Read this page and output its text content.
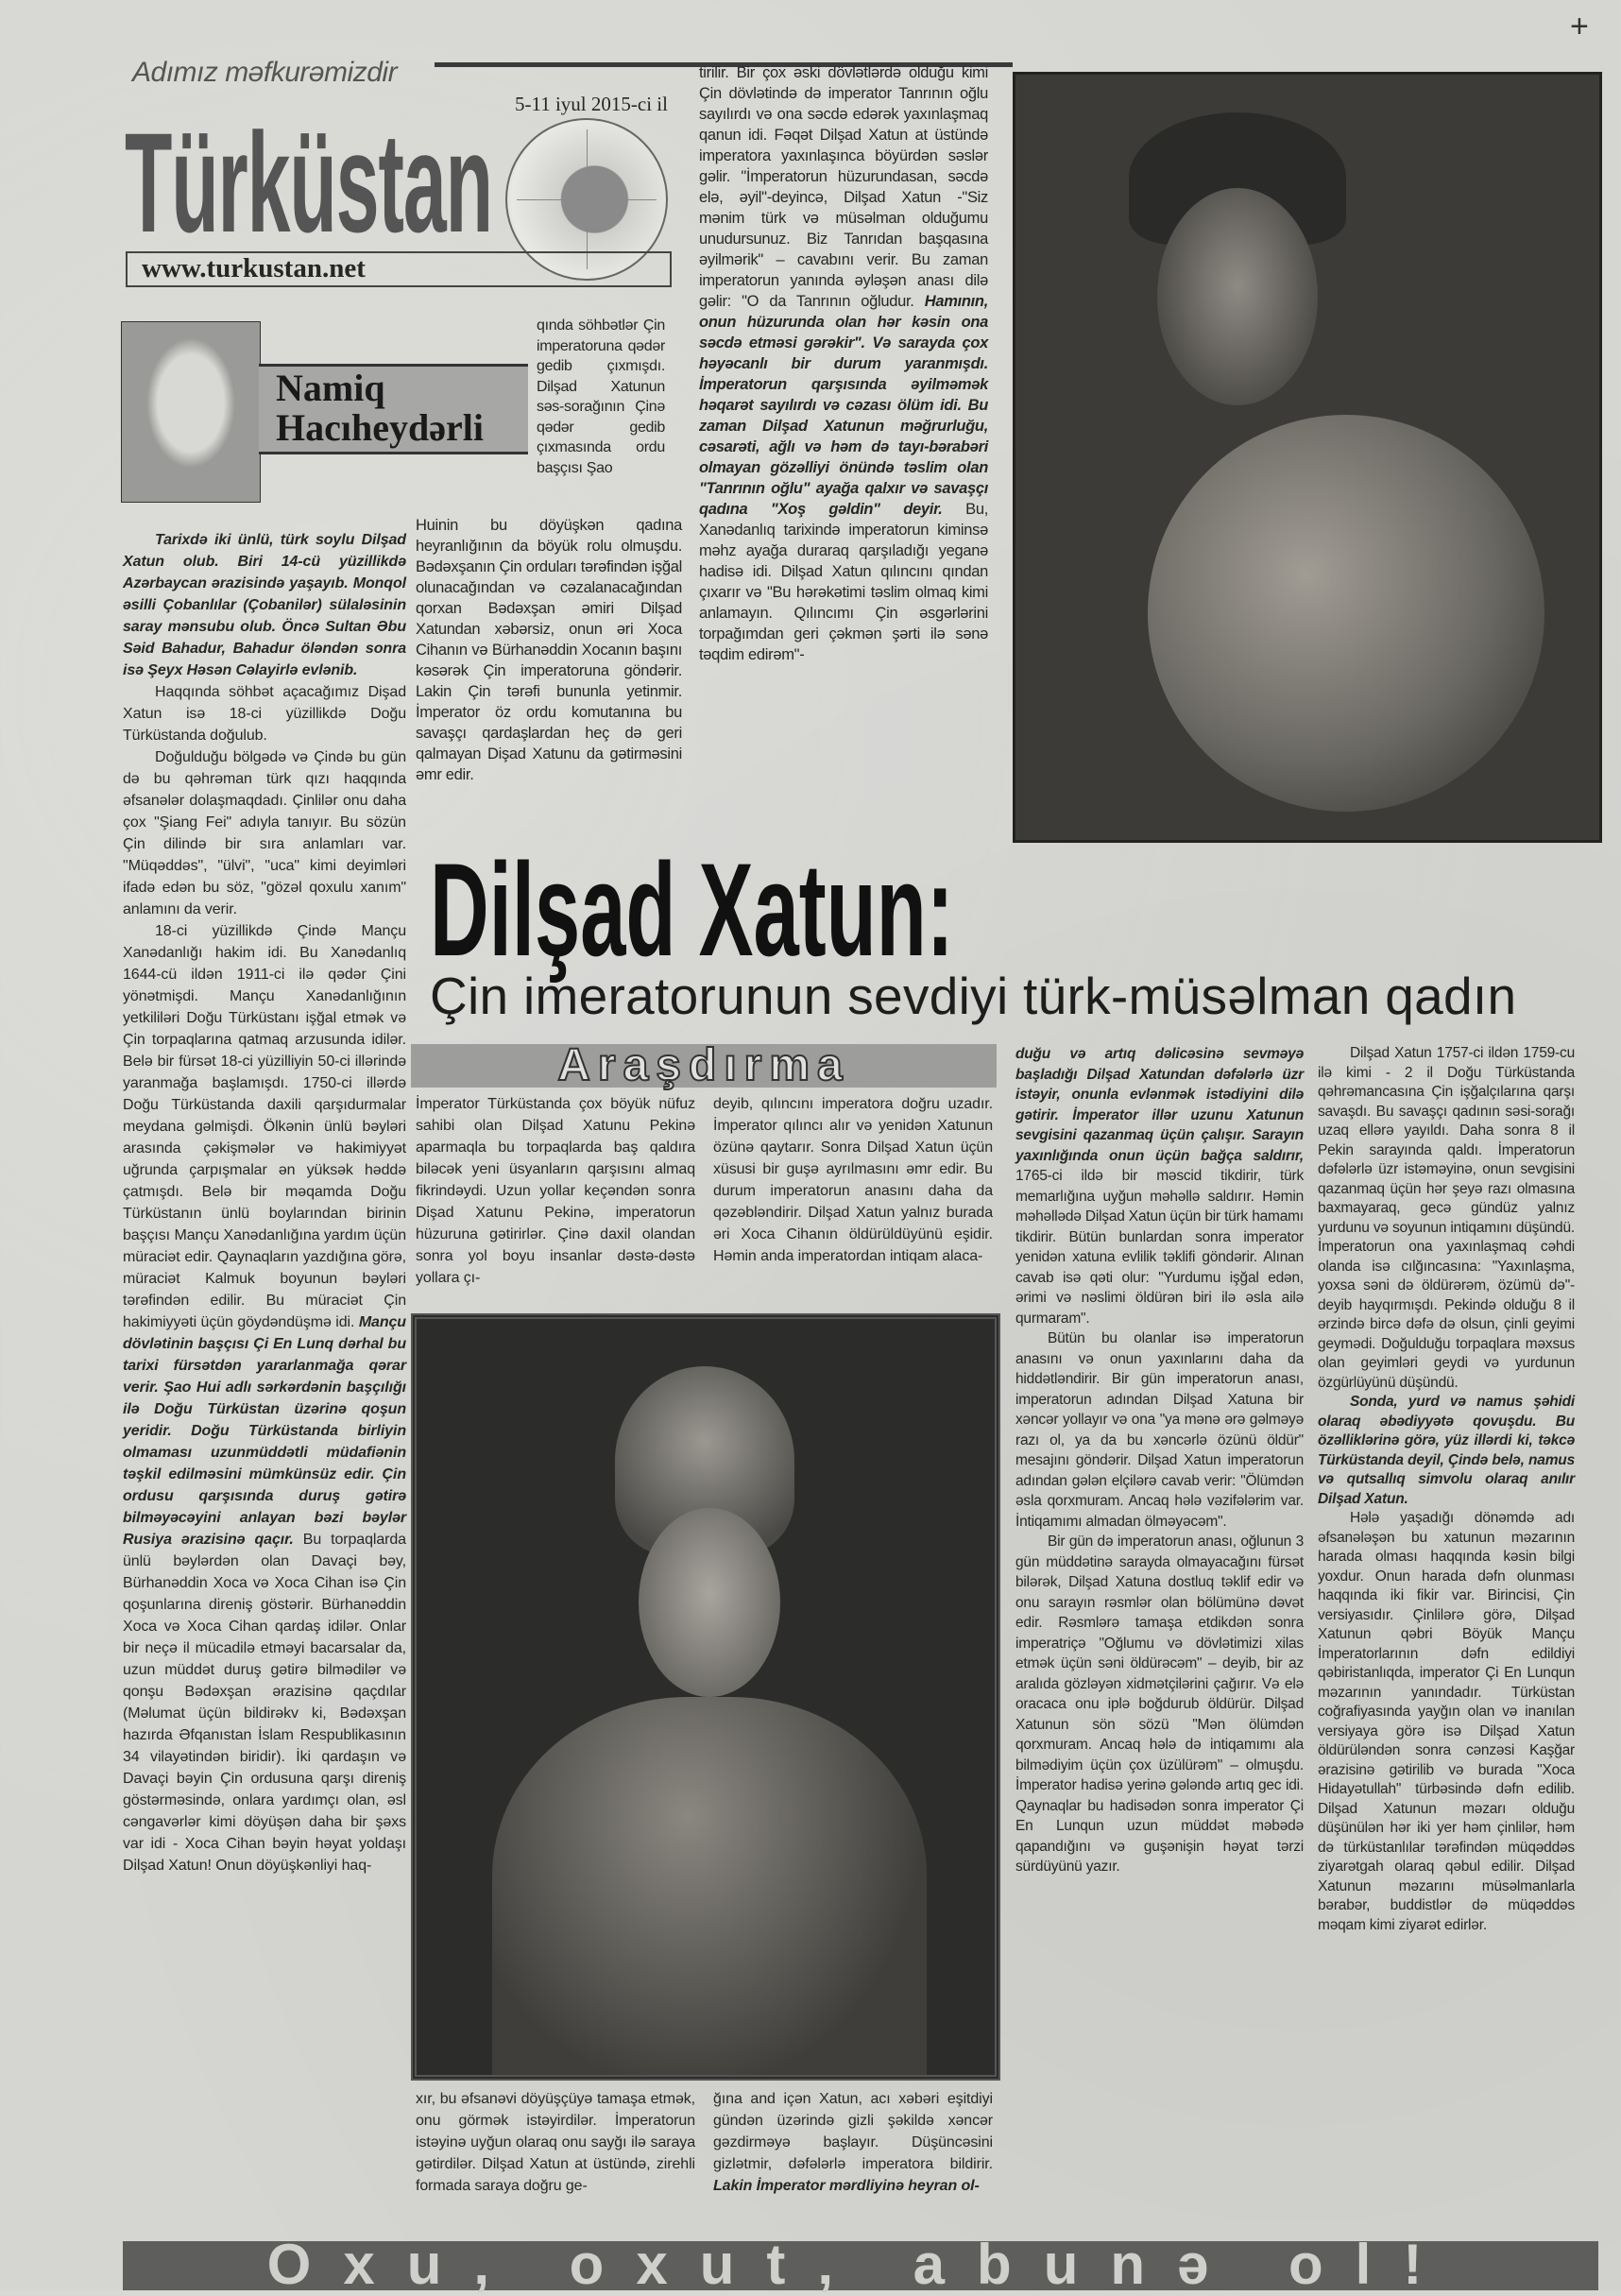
+
Adımız məfkurəmizdir
5-11 iyul 2015-ci il
Türküstan
www.turkustan.net
Namiq
Hacıheydərli

qında söhbətlər Çin imperatoruna qədər gedib çıxmışdı. Dilşad Xatunun səs-sorağının Çinə qədər gedib çıxmasında ordu başçısı Şao

Huinin bu döyüşkən qadına heyranlığının da böyük rolu olmuşdu. Bədəxşanın Çin orduları tərəfindən işğal olunacağından və cəzalanacağından qorxan Bədəxşan əmiri Dilşad Xatundan xəbərsiz, onun əri Xoca Cihanın və Bürhanəddin Xocanın başını kəsərək Çin imperatoruna göndərir. Lakin Çin tərəfi bununla yetinmir. İmperator öz ordu komutanına bu savaşçı qardaşlardan heç də geri qalmayan Dişad Xatunu da gətirməsini əmr edir.

tirilir. Bir çox əski dövlətlərdə olduğu kimi Çin dövlətində də imperator Tanrının oğlu sayılırdı və ona səcdə edərək yaxınlaşmaq qanun idi. Fəqət Dilşad Xatun at üstündə imperatora yaxınlaşınca böyürdən səslər gəlir. "İmperatorun hüzurundasan, səcdə elə, əyil"-deyincə, Dilşad Xatun -"Siz mənim türk və müsəlman olduğumu unudursunuz. Biz Tanrıdan başqasına əyilmərik" – cavabını verir. Bu zaman imperatorun yanında əyləşən anası dilə gəlir: "O da Tanrının oğludur. Hamının, onun hüzurunda olan hər kəsin ona səcdə etməsi gərəkir". Və sarayda çox həyəcanlı bir durum yaranmışdı. İmperatorun qarşısında əyilməmək həqarət sayılırdı və cəzası ölüm idi. Bu zaman Dilşad Xatunun məğrurluğu, cəsarəti, ağlı və həm də tayı-bərabəri olmayan gözəlliyi önündə təslim olan "Tanrının oğlu" ayağa qalxır və savaşçı qadına "Xoş gəldin" deyir. Bu, Xanədanlıq tarixində imperatorun kiminsə məhz ayağa duraraq qarşıladığı yeganə hadisə idi. Dilşad Xatun qılıncını qından çıxarır və "Bu hərəkətimi təslim olmaq kimi anlamayın. Qılıncımı Çin əsgərlərini torpağımdan geri çəkmən şərti ilə sənə təqdim edirəm"-

Tarixdə iki ünlü, türk soylu Dilşad Xatun olub. Biri 14-cü yüzillikdə Azərbaycan ərazisində yaşayıb. Monqol əsilli Çobanlılar (Çobanilər) sülaləsinin saray mənsubu olub. Öncə Sultan Əbu Səid Bahadur, Bahadur öləndən sonra isə Şeyx Həsən Cəlayirlə evlənib.

Haqqında söhbət açacağımız Dişad Xatun isə 18-ci yüzillikdə Doğu Türküstanda doğulub.

Doğulduğu bölgədə və Çində bu gün də bu qəhrəman türk qızı haqqında əfsanələr dolaşmaqdadı. Çinlilər onu daha çox "Şiang Fei" adıyla tanıyır. Bu sözün Çin dilində bir sıra anlamları var. "Müqəddəs", "ülvi", "uca" kimi deyimləri ifadə edən bu söz, "gözəl qoxulu xanım" anlamını da verir.

18-ci yüzillikdə Çində Mançu Xanədanlığı hakim idi. Bu Xanədanlıq 1644-cü ildən 1911-ci ilə qədər Çini yönətmişdi. Mançu Xanədanlığının yetkililəri Doğu Türküstanı işğal etmək və Çin torpaqlarına qatmaq arzusunda idilər. Belə bir fürsət 18-ci yüzilliyin 50-ci illərində yaranmağa başlamışdı. 1750-ci illərdə Doğu Türküstanda daxili qarşıdurmalar meydana gəlmişdi. Ölkənin ünlü bəyləri arasında çəkişmələr və hakimiyyət uğrunda çarpışmalar ən yüksək həddə çatmışdı. Belə bir məqamda Doğu Türküstanın ünlü boylarından birinin başçısı Mançu Xanədanlığına yardım üçün müraciət edir. Qaynaqların yazdığına görə, müraciət Kalmuk boyunun bəyləri tərəfindən edilir. Bu müraciət Çin hakimiyyəti üçün göydəndüşmə idi. Mançu dövlətinin başçısı Çi En Lunq dərhal bu tarixi fürsətdən yararlanmağa qərar verir. Şao Hui adlı sərkərdənin başçılığı ilə Doğu Türküstan üzərinə qoşun yeridir. Doğu Türküstanda birliyin olmaması uzunmüddətli müdafiənin təşkil edilməsini mümkünsüz edir. Çin ordusu qarşısında duruş gətirə bilməyəcəyini anlayan bəzi bəylər Rusiya ərazisinə qaçır. Bu torpaqlarda ünlü bəylərdən olan Davaçi bəy, Bürhanəddin Xoca və Xoca Cihan isə Çin qoşunlarına direniş göstərir. Bürhanəddin Xoca və Xoca Cihan qardaş idilər. Onlar bir neçə il mücadilə etməyi bacarsalar da, uzun müddət duruş gətirə bilmədilər və qonşu Bədəxşan ərazisinə qaçdılar (Məlumat üçün bildirəkv ki, Bədəxşan hazırda Əfqanıstan İslam Respublikasının 34 vilayətindən biridir). İki qardaşın və Davaçi bəyin Çin ordusuna qarşı direniş göstərməsində, onlara yardımçı olan, əsl cəngavərlər kimi döyüşən daha bir şəxs var idi - Xoca Cihan bəyin həyat yoldaşı Dilşad Xatun! Onun döyüşkənliyi haq-

Dilşad Xatun:
Çin imeratorunun sevdiyi türk-müsəlman qadın
Araşdırma

İmperator Türküstanda çox böyük nüfuz sahibi olan Dilşad Xatunu Pekinə aparmaqla bu torpaqlarda baş qaldıra biləcək yeni üsyanların qarşısını almaq fikrindəydi. Uzun yollar keçəndən sonra Dişad Xatunu Pekinə, imperatorun hüzuruna gətirirlər. Çinə daxil olandan sonra yol boyu insanlar dəstə-dəstə yollara çı-

deyib, qılıncını imperatora doğru uzadır. İmperator qılıncı alır və yenidən Xatunun özünə qaytarır. Sonra Dilşad Xatun üçün xüsusi bir guşə ayrılmasını əmr edir. Bu durum imperatorun anasını daha da qəzəbləndirir. Dilşad Xatun yalnız burada əri Xoca Cihanın öldürüldüyünü eşidir. Həmin anda imperatordan intiqam alaca-

xır, bu əfsanəvi döyüşçüyə tamaşa etmək, onu görmək istəyirdilər. İmperatorun istəyinə uyğun olaraq onu sayğı ilə saraya gətirdilər. Dilşad Xatun at üstündə, zirehli formada saraya doğru ge-

ğına and içən Xatun, acı xəbəri eşitdiyi gündən üzərində gizli şəkildə xəncər gəzdirməyə başlayır. Düşüncəsini gizlətmir, dəfələrlə imperatora bildirir. Lakin İmperator mərdliyinə heyran ol-

duğu və artıq dəlicəsinə sevməyə başladığı Dilşad Xatundan dəfələrlə üzr istəyir, onunla evlənmək istədiyini dilə gətirir. İmperator illər uzunu Xatunun sevgisini qazanmaq üçün çalışır. Sarayın yaxınlığında onun üçün bağça saldırır, 1765-ci ildə bir məscid tikdirir, türk memarlığına uyğun məhəllə saldırır. Həmin məhəllədə Dilşad Xatun üçün bir türk hamamı tikdirir. Bütün bunlardan sonra imperator yenidən xatuna evlilik təklifi göndərir. Alınan cavab isə qəti olur: "Yurdumu işğal edən, ərimi və nəslimi öldürən biri ilə əsla ailə qurmaram".

Bütün bu olanlar isə imperatorun anasını və onun yaxınlarını daha da hiddətləndirir. Bir gün imperatorun anası, imperatorun adından Dilşad Xatuna bir xəncər yollayır və ona "ya mənə ərə gəlməyə razı ol, ya da bu xəncərlə özünü öldür" mesajını göndərir. Dilşad Xatun imperatorun adından gələn elçilərə cavab verir: "Ölümdən əsla qorxmuram. Ancaq hələ vəzifələrim var. İntiqamımı almadan ölməyəcəm".

Bir gün də imperatorun anası, oğlunun 3 gün müddətinə sarayda olmayacağını fürsət bilərək, Dilşad Xatuna dostluq təklif edir və onu sarayın rəsmlər olan bölümünə dəvət edir. Rəsmlərə tamaşa etdikdən sonra imperatriçə "Oğlumu və dövlətimizi xilas etmək üçün səni öldürəcəm" – deyib, bir az aralıda gözləyən xidmətçilərini çağırır. Və elə oracaca onu iplə boğdurub öldürür. Dilşad Xatunun sön sözü "Mən ölümdən qorxmuram. Ancaq hələ də intiqamımı ala bilmədiyim üçün çox üzülürəm" – olmuşdu. İmperator hadisə yerinə gələndə artıq gec idi. Qaynaqlar bu hadisədən sonra imperator Çi En Lunqun uzun müddət məbədə qapandığını və guşənişin həyat tərzi sürdüyünü yazır.

Dilşad Xatun 1757-ci ildən 1759-cu ilə kimi - 2 il Doğu Türküstanda qəhrəmancasına Çin işğalçılarına qarşı savaşdı. Bu savaşçı qadının səsi-sorağı uzaq ellərə yayıldı. Daha sonra 8 il Pekin sarayında qaldı. İmperatorun dəfələrlə üzr istəməyinə, onun sevgisini qazanmaq üçün hər şeyə razı olmasına baxmayaraq, gecə gündüz yalnız yurdunu və soyunun intiqamını düşündü. İmperatorun ona yaxınlaşmaq cəhdi olanda isə cılğıncasına: "Yaxınlaşma, yoxsa səni də öldürərəm, özümü də"- deyib hayqırmışdı. Pekində olduğu 8 il ərzində bircə dəfə də olsun, çinli geyimi geymədi. Doğulduğu torpaqlara məxsus olan geyimləri geydi və yurdunun özgürlüyünü düşündü.

Sonda, yurd və namus şəhidi olaraq əbədiyyətə qovuşdu. Bu özəlliklərinə görə, yüz illərdi ki, təkcə Türküstanda deyil, Çində belə, namus və qutsallıq simvolu olaraq anılır Dilşad Xatun.

Hələ yaşadığı dönəmdə adı əfsanələşən bu xatunun məzarının harada olması haqqında kəsin bilgi yoxdur. Onun harada dəfn olunması haqqında iki fikir var. Birincisi, Çin versiyasıdır. Çinlilərə görə, Dilşad Xatunun qəbri Böyük Mançu İmperatorlarının dəfn edildiyi qəbiristanlıqda, imperator Çi En Lunqun məzarının yanındadır. Türküstan coğrafiyasında yayğın olan və inanılan versiyaya görə isə Dilşad Xatun öldürüləndən sonra cənzəsi Kaşğar ərazisinə gətirilib və burada "Xoca Hidayətullah" türbəsində dəfn edilib. Dilşad Xatunun məzarı olduğu düşünülən hər iki yer həm çinlilər, həm də türküstanlılar tərəfindən müqəddəs ziyarətgah olaraq qəbul edilir. Dilşad Xatunun məzarını müsəlmanlarla bərabər, buddistlər də müqəddəs məqam kimi ziyarət edirlər.

Oxu, oxut, abunə ol!
